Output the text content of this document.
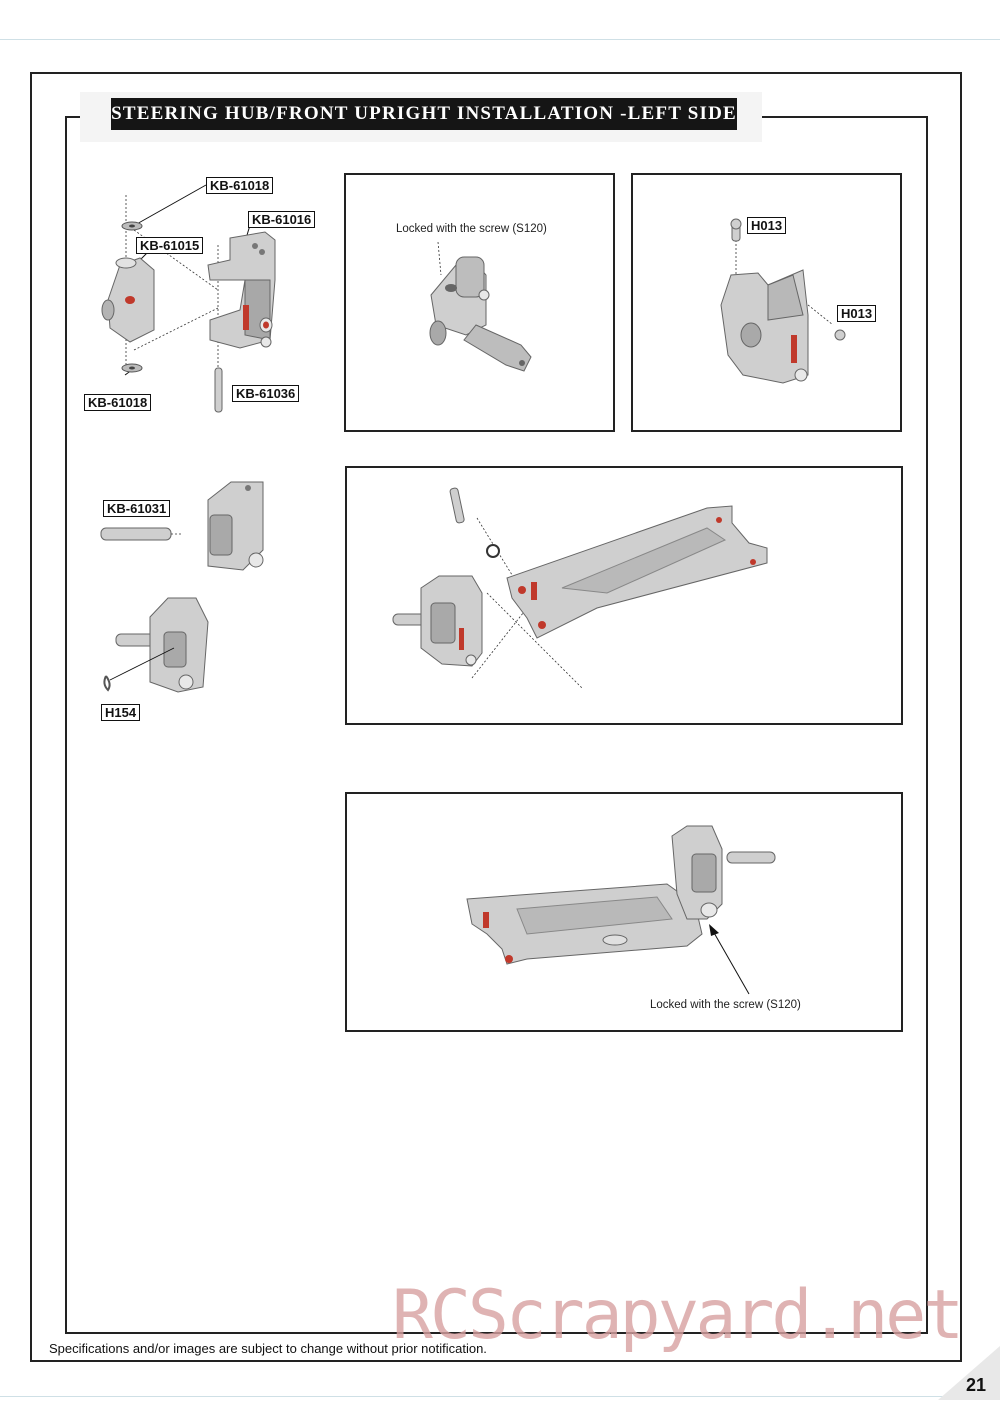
STEERING HUB/FRONT UPRIGHT INSTALLATION -LEFT SIDE
KB-61018
KB-61016
KB-61015
KB-61018
KB-61036
Locked with the screw (S120)	H013
H013
KB-61031
H154
Locked with the screw (S120)
Specifications and/or images are subject to change without prior notification.
RCScrapyard.net
21
